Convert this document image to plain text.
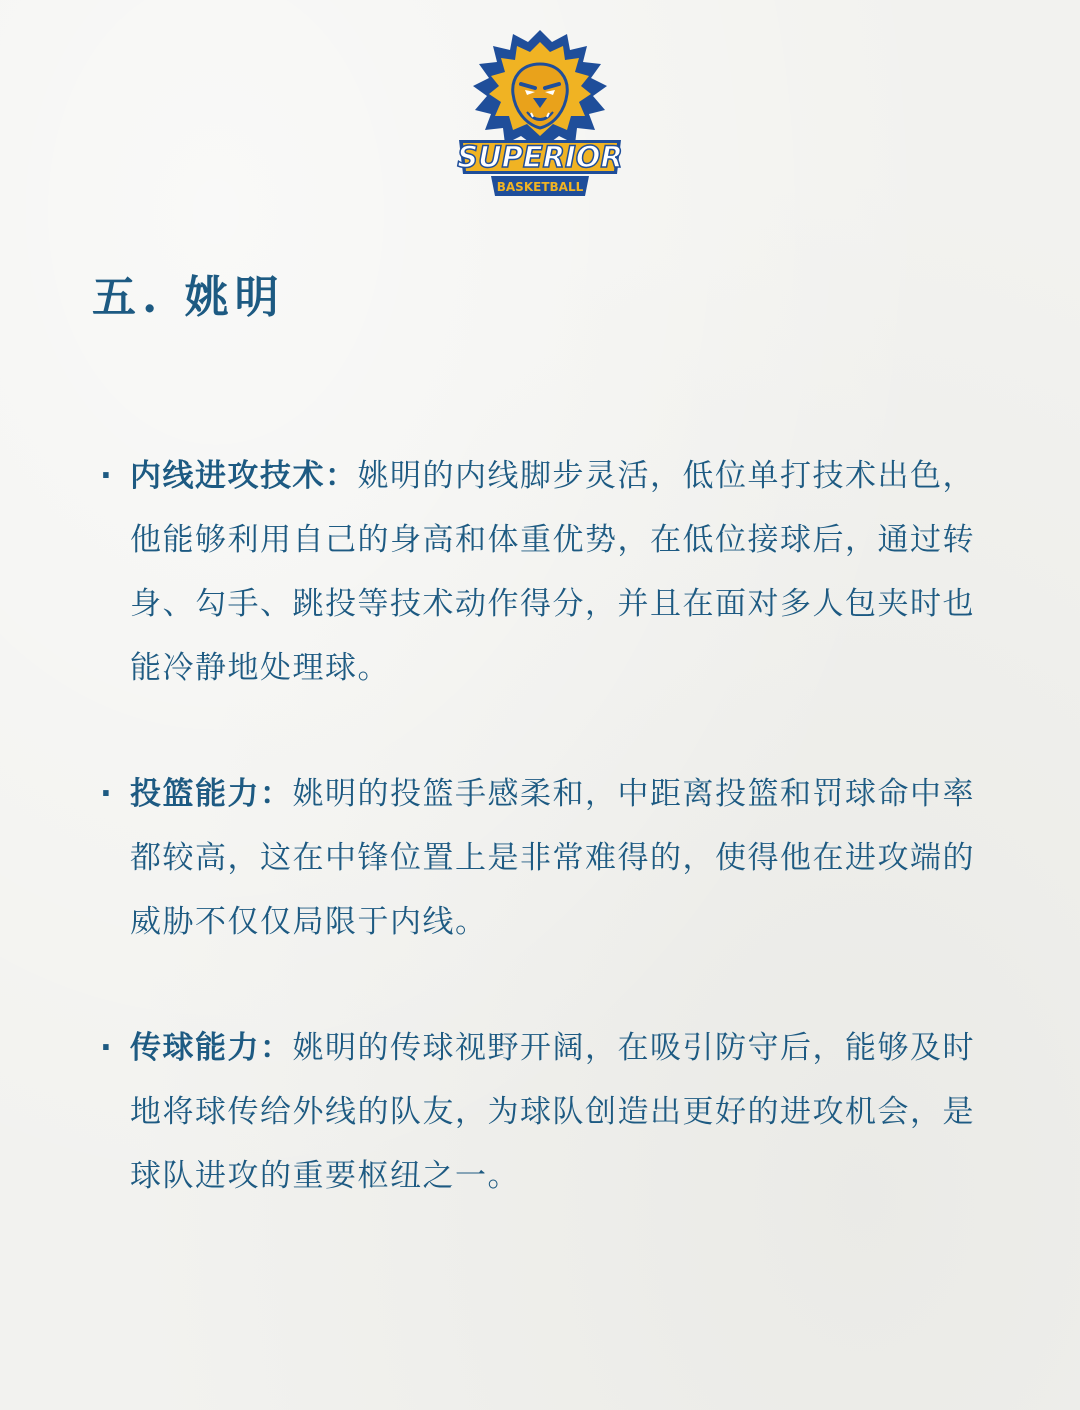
SUPERIOR
BASKETBALL
五. 姚明
· 内线进攻技术：姚明的内线脚步灵活，低位单打技术出色，他能够利用自己的身高和体重优势，在低位接球后，通过转身、勾手、跳投等技术动作得分，并且在面对多人包夹时也能冷静地处理球。
· 投篮能力：姚明的投篮手感柔和，中距离投篮和罚球命中率都较高，这在中锋位置上是非常难得的，使得他在进攻端的威胁不仅仅局限于内线。
· 传球能力：姚明的传球视野开阔，在吸引防守后，能够及时地将球传给外线的队友，为球队创造出更好的进攻机会，是球队进攻的重要枢纽之一。
